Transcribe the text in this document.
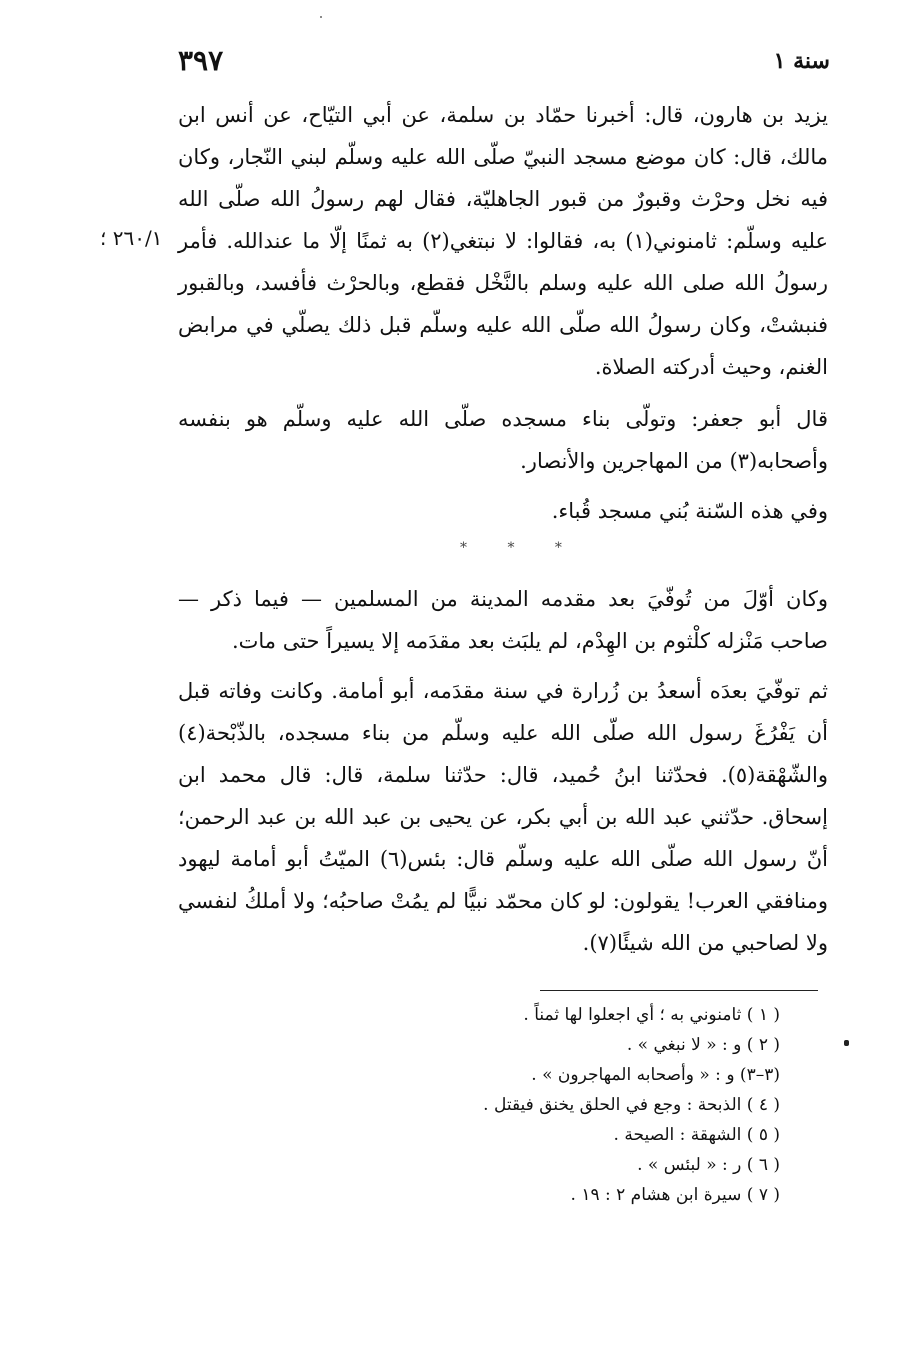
٣٩٧	سنة ١
٢٦٠/١ ؛

يزيد بن هارون، قال: أخبرنا حمّاد بن سلمة، عن أبي التيّاح، عن أنس ابن مالك، قال: كان موضع مسجد النبيّ صلّى الله عليه وسلّم لبني النّجار، وكان فيه نخل وحرْث وقبورٌ من قبور الجاهليّة، فقال لهم رسولُ الله صلّى الله عليه وسلّم: ثامنوني(١) به، فقالوا: لا نبتغي(٢) به ثمنًا إلّا ما عندالله. فأمر رسولُ الله صلى الله عليه وسلم بالنَّخْل فقطع، وبالحرْث فأفسد، وبالقبور فنبشتْ، وكان رسولُ الله صلّى الله عليه وسلّم قبل ذلك يصلّي في مرابض الغنم، وحيث أدركته الصلاة.

قال أبو جعفر: وتولّى بناء مسجده صلّى الله عليه وسلّم هو بنفسه وأصحابه(٣) من المهاجرين والأنصار.

وفي هذه السّنة بُني مسجد قُباء.

* * *

وكان أوّلَ من تُوفّيَ بعد مقدمه المدينة من المسلمين — فيما ذكر — صاحب مَنْزله كلْثوم بن الهِدْم، لم يلبَث بعد مقدَمه إلا يسيراً حتى مات.

ثم توفّيَ بعدَه أسعدُ بن زُرارة في سنة مقدَمه، أبو أمامة. وكانت وفاته قبل أن يَفْرُغَ رسول الله صلّى الله عليه وسلّم من بناء مسجده، بالذّبْحة(٤) والشّهْقة(٥). فحدّثنا ابنُ حُميد، قال: حدّثنا سلمة، قال: قال محمد ابن إسحاق. حدّثني عبد الله بن أبي بكر، عن يحيى بن عبد الله بن عبد الرحمن؛ أنّ رسول الله صلّى الله عليه وسلّم قال: بئس(٦) الميّتُ أبو أمامة ليهود ومنافقي العرب! يقولون: لو كان محمّد نبيًّا لم يمُتْ صاحبُه؛ ولا أملكُ لنفسي ولا لصاحبي من الله شيئًا(٧).

( ١ ) ثامنوني به ؛ أي اجعلوا لها ثمناً .
( ٢ ) و : « لا نبغي » .
(٣–٣) و : « وأصحابه المهاجرون » .
( ٤ ) الذبحة : وجع في الحلق يخنق فيقتل .
( ٥ ) الشهقة : الصيحة .
( ٦ ) ر : « لبئس » .
( ٧ ) سيرة ابن هشام ٢ : ١٩ .
